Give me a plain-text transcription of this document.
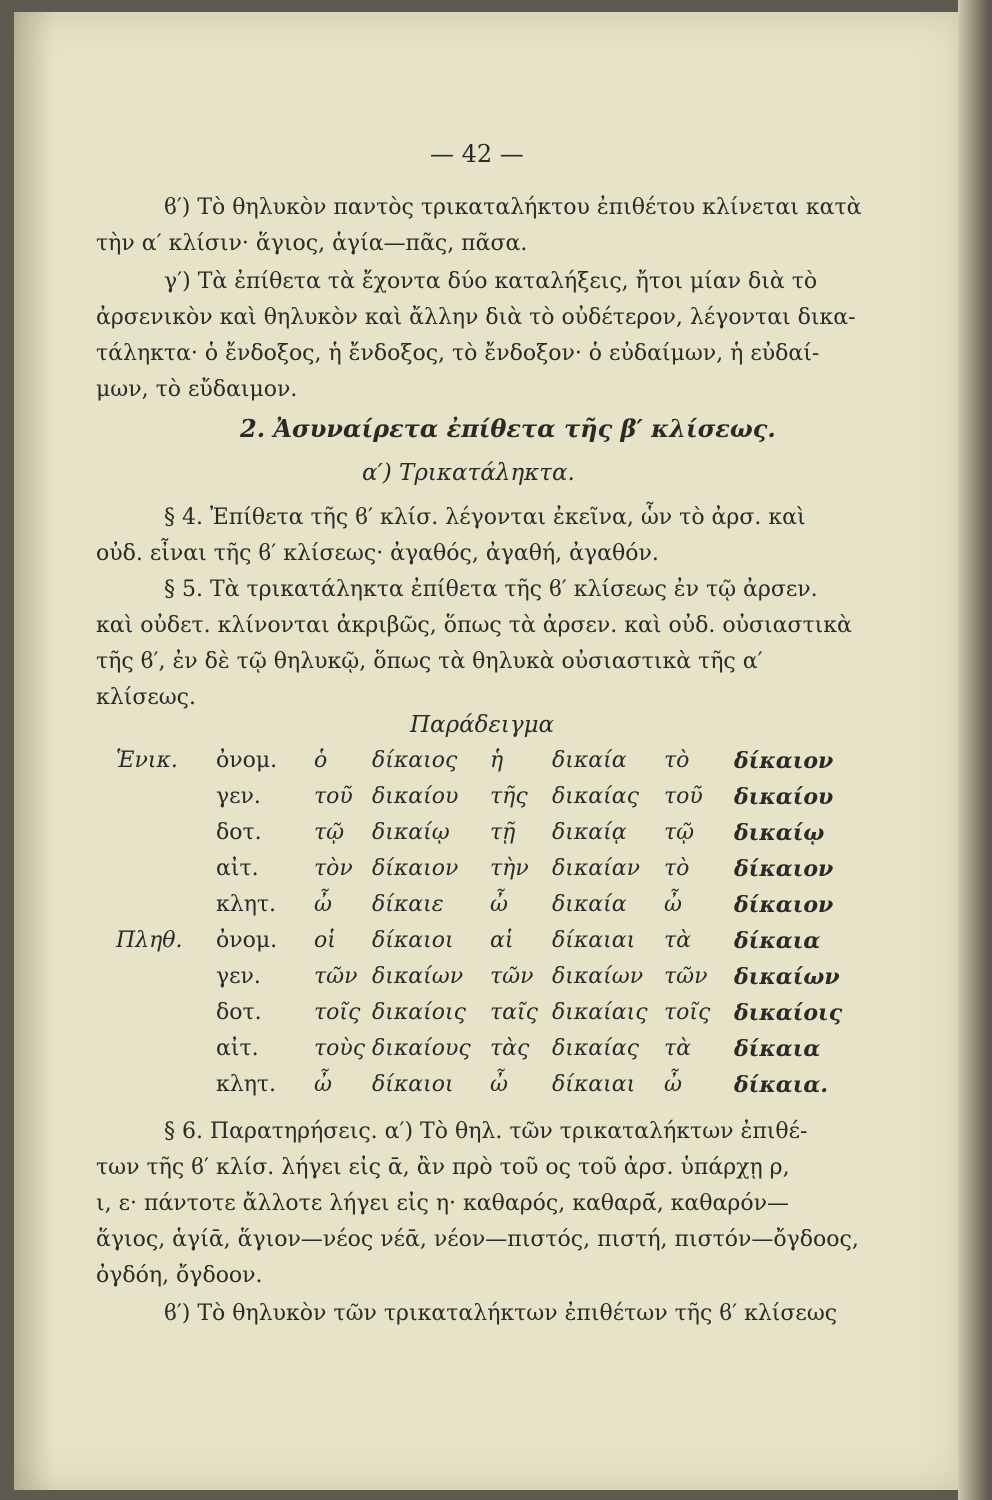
— 42 —
ϐ′) Τὸ θηλυκὸν παντὸς τρικαταλήκτου ἐπιθέτου κλίνεται κατὰ
τὴν α′ κλίσιν· ἅγιος, ἁγία—πᾶς, πᾶσα.
γ′) Τὰ ἐπίθετα τὰ ἔχοντα δύο καταλήξεις, ἤτοι μίαν διὰ τὸ
ἀρσενικὸν καὶ θηλυκὸν καὶ ἄλλην διὰ τὸ οὐδέτερον, λέγονται δικα-
τάληκτα· ὁ ἔνδοξος, ἡ ἔνδοξος, τὸ ἔνδοξον· ὁ εὐδαίμων, ἡ εὐδαί-
μων, τὸ εὔδαιμον.
2. Ἀσυναίρετα ἐπίθετα τῆς β′ κλίσεως.
α′) Τρικατάληκτα.
§ 4. Ἐπίθετα τῆς ϐ′ κλίσ. λέγονται ἐκεῖνα, ὧν τὸ ἀρσ. καὶ
οὐδ. εἶναι τῆς ϐ′ κλίσεως· ἀγαθός, ἀγαθή, ἀγαθόν.
§ 5. Τὰ τρικατάληκτα ἐπίθετα τῆς ϐ′ κλίσεως ἐν τῷ ἀρσεν.
καὶ οὐδετ. κλίνονται ἀκριβῶς, ὅπως τὰ ἀρσεν. καὶ οὐδ. οὐσιαστικὰ
τῆς ϐ′, ἐν δὲ τῷ θηλυκῷ, ὅπως τὰ θηλυκὰ οὐσιαστικὰ τῆς α′
κλίσεως.
Παράδειγμα
Ἑνικ. ὀνομ. ὁ δίκαιος ἡ δικαία τὸ δίκαιον
γεν. τοῦ δικαίου τῆς δικαίας τοῦ δικαίου
δοτ. τῷ δικαίῳ τῇ δικαίᾳ τῷ δικαίῳ
αἰτ.	τὸν δίκαιον τὴν δικαίαν τὸ δίκαιον
κλητ. ὦ δίκαιε ὦ δικαία ὦ δίκαιον
Πληθ. ὀνομ. οἱ δίκαιοι αἱ δίκαιαι τὰ δίκαια
γεν. τῶν δικαίων τῶν δικαίων τῶν δικαίων
δοτ. τοῖς δικαίοις ταῖς δικαίαις τοῖς δικαίοις
αἰτ.	τοὺς δικαίους τὰς δικαίας τὰ δίκαια
κλητ. ὦ δίκαιοι ὦ δίκαιαι ὦ δίκαια.
§ 6. Παρατηρήσεις. α′) Τὸ θηλ. τῶν τρικαταλήκτων ἐπιθέ-
των τῆς ϐ′ κλίσ. λήγει εἰς ᾱ, ἂν πρὸ τοῦ ος τοῦ ἀρσ. ὑπάρχῃ ρ,
ι, ε· πάντοτε ἄλλοτε λήγει εἰς η· καθαρός, καθαρᾱ́, καθαρόν—
ἅγιος, ἁγίᾱ, ἅγιον—νέος νέᾱ, νέον—πιστός, πιστή, πιστόν—ὄγδοος,
ὀγδόη, ὄγδοον.
ϐ′) Τὸ θηλυκὸν τῶν τρικαταλήκτων ἐπιθέτων τῆς ϐ′ κλίσεως
